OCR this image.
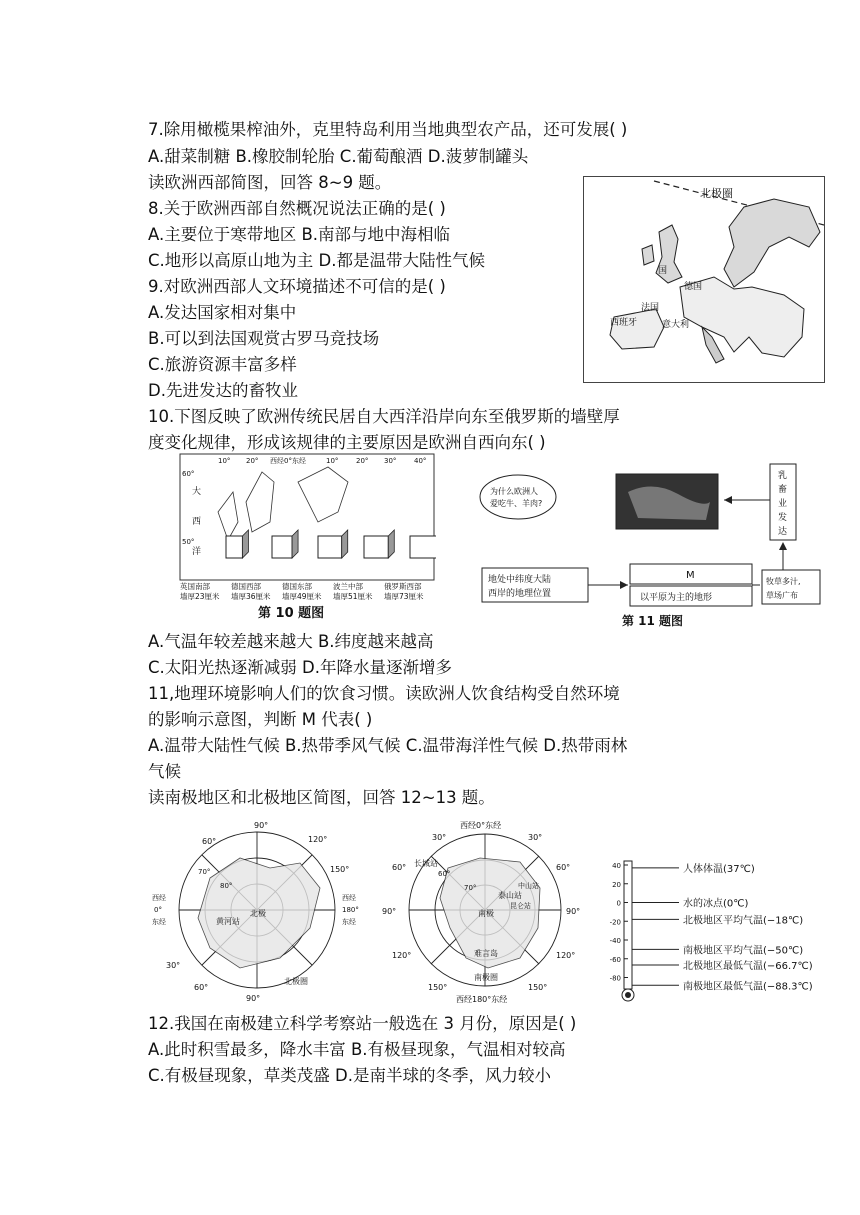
7.除用橄榄果榨油外，克里特岛利用当地典型农产品，还可发展( )
A.甜菜制糖 B.橡胶制轮胎 C.葡萄酿酒 D.菠萝制罐头
读欧洲西部简图，回答 8~9 题。
8.关于欧洲西部自然概况说法正确的是( )
A.主要位于寒带地区 B.南部与地中海相临
C.地形以高原山地为主 D.都是温带大陆性气候
9.对欧洲西部人文环境描述不可信的是( )
A.发达国家相对集中
B.可以到法国观赏古罗马竞技场
C.旅游资源丰富多样
D.先进发达的畜牧业
10.下图反映了欧洲传统民居自大西洋沿岸向东至俄罗斯的墙壁厚
度变化规律，形成该规律的主要原因是欧洲自西向东( )
A.气温年较差越来越大 B.纬度越来越高
C.太阳光热逐渐减弱 D.年降水量逐渐增多
11,地理环境影响人们的饮食习惯。读欧洲人饮食结构受自然环境
的影响示意图，判断 M 代表( )
A.温带大陆性气候 B.热带季风气候 C.温带海洋性气候 D.热带雨林
气候
读南极地区和北极地区简图，回答 12~13 题。
12.我国在南极建立科学考察站一般选在 3 月份，原因是( )
A.此时积雪最多，降水丰富 B.有极昼现象，气温相对较高
C.有极昼现象，草类茂盛 D.是南半球的冬季，风力较小
北极圈
国
德国
法国
西班牙	意大利
10° 20° 西经0°东经	10°	20° 30°	40°
60°
50°
大
西
洋
英国南部
墙厚23厘米
德国西部
墙厚36厘米
德国东部
墙厚49厘米
波兰中部
墙厚51厘米
俄罗斯西部
墙厚73厘米
第 10 题图
为什么欧洲人
爱吃牛、羊肉?
乳
畜
业
发
达
地处中纬度大陆
西岸的地理位置
M
以平原为主的地形
牧草多汁,
草场广布
第 11 题图
60°
90°
120°
150°
西经
180°
东经
西经
0°
东经
30°
60°
90°
80°
70°
北极
黄河站
北极圈
西经0°东经
西经180°东经
30°
60°
90°
120°
150°
30°
60°
90°
120°
150°
70°
60°
南极
长城站
泰山站
中山站
昆仑站
难言岛
南极圈
40
20
0
-20
-40
-60
-80
人体体温(37℃)
水的冰点(0℃)
北极地区平均气温(−18℃)
南极地区平均气温(−50℃)
北极地区最低气温(−66.7℃)
南极地区最低气温(−88.3℃)
